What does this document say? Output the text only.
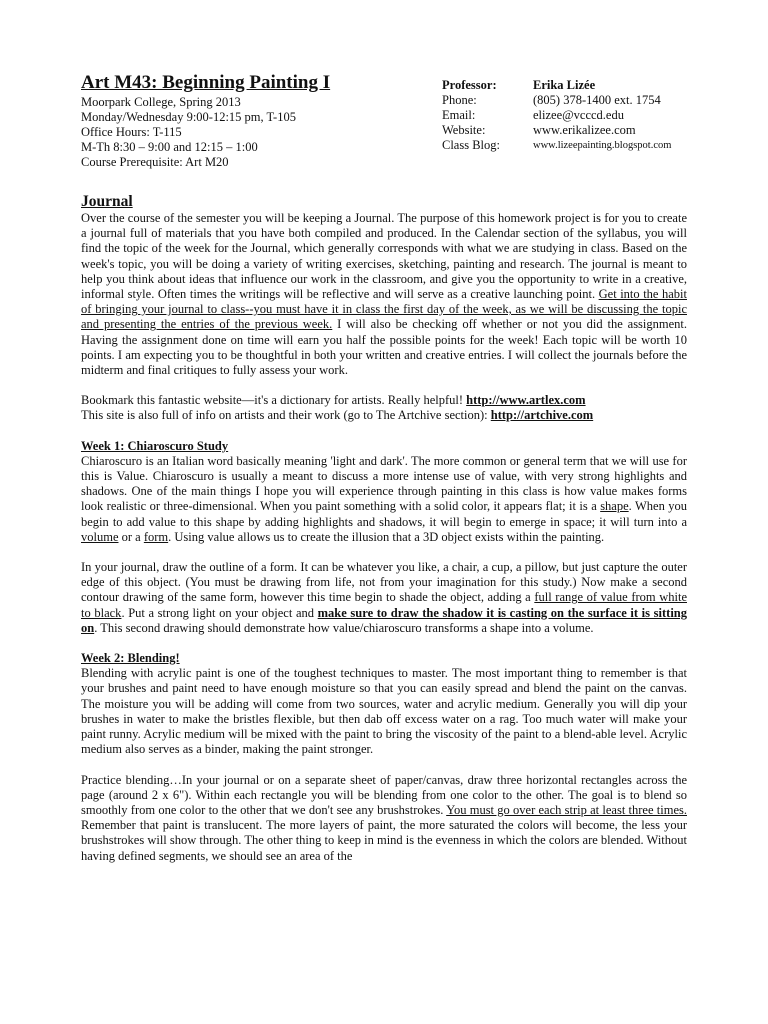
Art M43: Beginning Painting I
Moorpark College, Spring 2013
Monday/Wednesday 9:00-12:15 pm, T-105
Office Hours: T-115
M-Th 8:30 – 9:00 and 12:15 – 1:00
Course Prerequisite: Art M20
Professor:	Erika Lizée
Phone:	(805) 378-1400 ext. 1754
Email:	elizee@vcccd.edu
Website:	www.erikalizee.com
Class Blog:	www.lizeepainting.blogspot.com
Journal

Over the course of the semester you will be keeping a Journal. The purpose of this homework project is for you to create a journal full of materials that you have both compiled and produced. In the Calendar section of the syllabus, you will find the topic of the week for the Journal, which generally corresponds with what we are studying in class. Based on the week's topic, you will be doing a variety of writing exercises, sketching, painting and research. The journal is meant to help you think about ideas that influence our work in the classroom, and give you the opportunity to write in a creative, informal style. Often times the writings will be reflective and will serve as a creative launching point. Get into the habit of bringing your journal to class--you must have it in class the first day of the week, as we will be discussing the topic and presenting the entries of the previous week. I will also be checking off whether or not you did the assignment. Having the assignment done on time will earn you half the possible points for the week! Each topic will be worth 10 points. I am expecting you to be thoughtful in both your written and creative entries. I will collect the journals before the midterm and final critiques to fully assess your work.

Bookmark this fantastic website—it's a dictionary for artists. Really helpful! http://www.artlex.com
This site is also full of info on artists and their work (go to The Artchive section): http://artchive.com
Week 1: Chiaroscuro Study

Chiaroscuro is an Italian word basically meaning 'light and dark'. The more common or general term that we will use for this is Value. Chiaroscuro is usually a meant to discuss a more intense use of value, with very strong highlights and shadows. One of the main things I hope you will experience through painting in this class is how value makes forms look realistic or three-dimensional. When you paint something with a solid color, it appears flat; it is a shape. When you begin to add value to this shape by adding highlights and shadows, it will begin to emerge in space; it will turn into a volume or a form. Using value allows us to create the illusion that a 3D object exists within the painting.

In your journal, draw the outline of a form. It can be whatever you like, a chair, a cup, a pillow, but just capture the outer edge of this object. (You must be drawing from life, not from your imagination for this study.) Now make a second contour drawing of the same form, however this time begin to shade the object, adding a full range of value from white to black. Put a strong light on your object and make sure to draw the shadow it is casting on the surface it is sitting on. This second drawing should demonstrate how value/chiaroscuro transforms a shape into a volume.

Week 2: Blending!

Blending with acrylic paint is one of the toughest techniques to master. The most important thing to remember is that your brushes and paint need to have enough moisture so that you can easily spread and blend the paint on the canvas. The moisture you will be adding will come from two sources, water and acrylic medium. Generally you will dip your brushes in water to make the bristles flexible, but then dab off excess water on a rag. Too much water will make your paint runny. Acrylic medium will be mixed with the paint to bring the viscosity of the paint to a blend-able level. Acrylic medium also serves as a binder, making the paint stronger.

Practice blending…In your journal or on a separate sheet of paper/canvas, draw three horizontal rectangles across the page (around 2 x 6"). Within each rectangle you will be blending from one color to the other. The goal is to blend so smoothly from one color to the other that we don't see any brushstrokes. You must go over each strip at least three times. Remember that paint is translucent. The more layers of paint, the more saturated the colors will become, the less your brushstrokes will show through. The other thing to keep in mind is the evenness in which the colors are blended. Without having defined segments, we should see an area of the
